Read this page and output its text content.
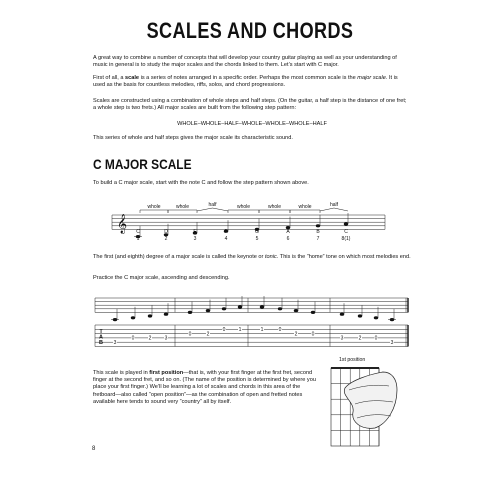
SCALES AND CHORDS

A great way to combine a number of concepts that will develop your country guitar playing as well as your understanding of music in general is to study the major scales and the chords linked to them. Let’s start with C major.

First of all, a scale is a series of notes arranged in a specific order. Perhaps the most common scale is the major scale. It is used as the basis for countless melodies, riffs, solos, and chord progressions.

Scales are constructed using a combination of whole steps and half steps. (On the guitar, a half step is the distance of one fret; a whole step is two frets.) All major scales are built from the following step pattern:

WHOLE–WHOLE–HALF–WHOLE–WHOLE–WHOLE–HALF

This series of whole and half steps gives the major scale its characteristic sound.

C MAJOR SCALE

To build a C major scale, start with the note C and follow the step pattern shown above.

The first (and eighth) degree of a major scale is called the keynote or tonic. This is the “home” tone on which most melodies end.

Practice the C major scale, ascending and descending.

This scale is played in first position—that is, with your first finger at the first fret, second finger at the second fret, and so on. (The name of the position is determined by where you place your first finger.) We’ll be learning a lot of scales and chords in this area of the fretboard—also called “open position”—as the combination of open and fretted notes available here tends to sound very “country” all by itself.

1st position
8
𝄞 C	D	E	F	G	A	B	C
1	2	3	4	5	6	7	8(1)
whole	whole	half	whole	whole	whole	half
T
A
B 3
0	2	3
0	2
0	1	1	0
2	0
3	2	0
3
